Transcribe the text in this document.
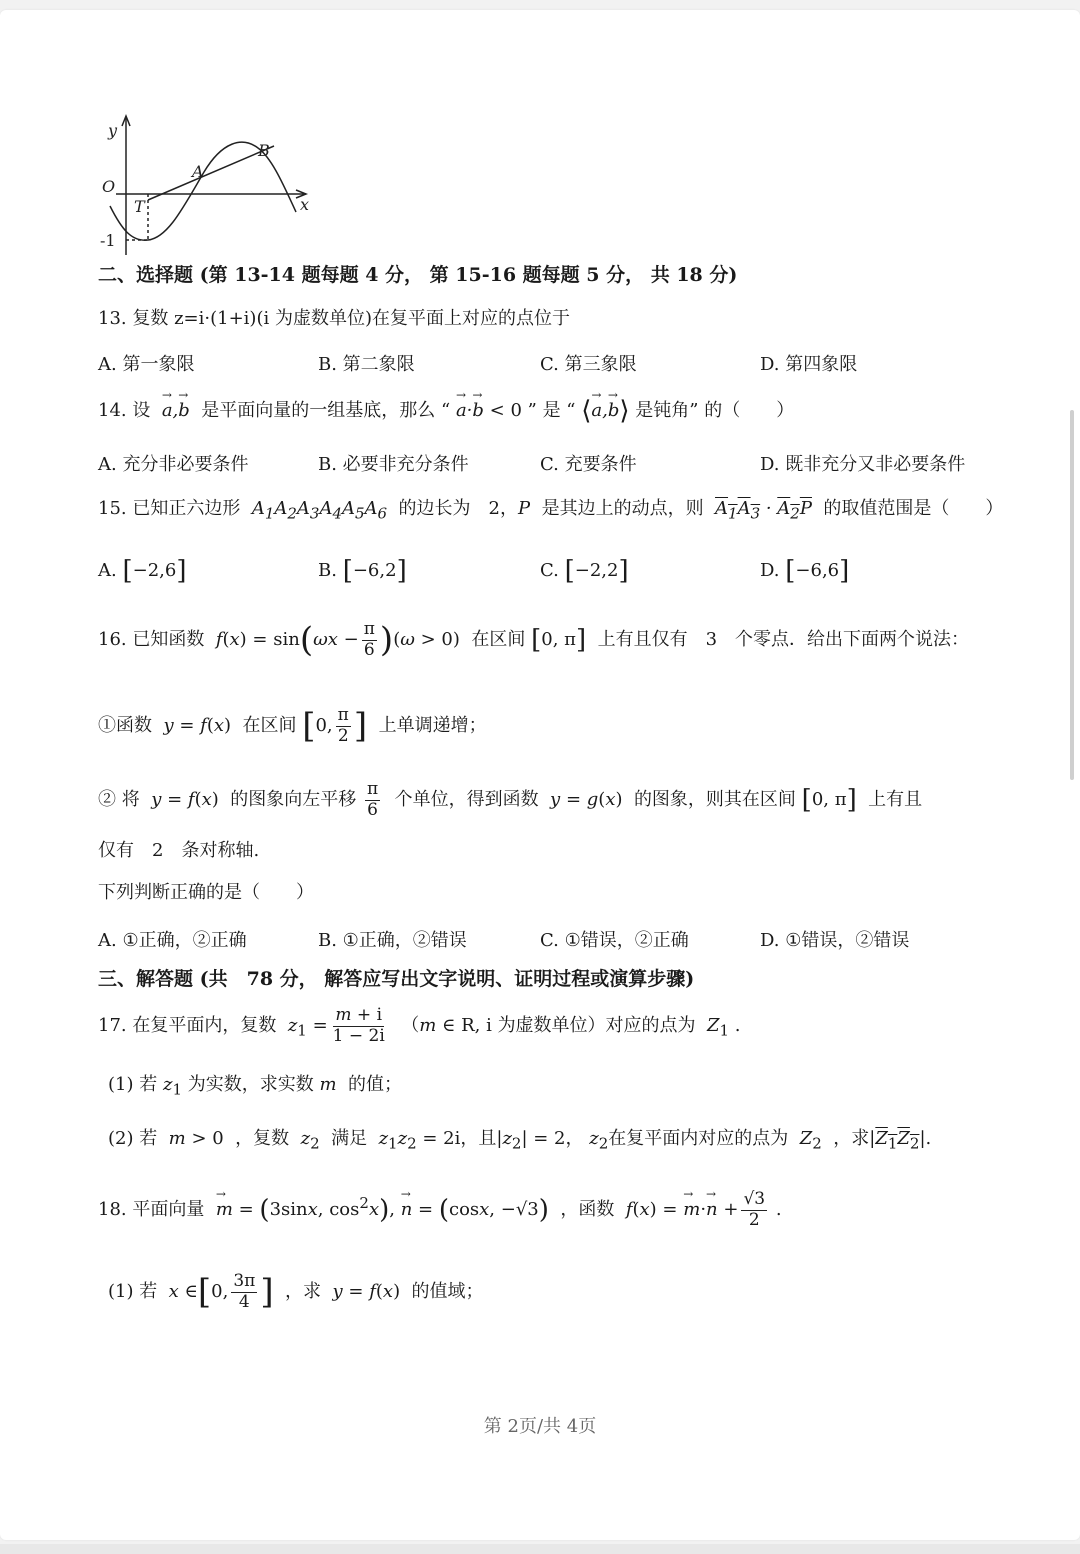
y
x
O
T
A
B
-1
二、选择题 (第 13-14 题每题 4 分， 第 15-16 题每题 5 分， 共 18 分)
13. 复数 z=i·(1+i)(i 为虚数单位)在复平面上对应的点位于
A. 第一象限	B. 第二象限	C. 第三象限	D. 第四象限
14. 设 → a,→ b 是平面向量的一组基底，那么 “ → a·→ b < 0 ” 是 “ ⟨→ a,→ b⟩ 是钝角” 的（　　）
A. 充分非必要条件	B. 必要非充分条件	C. 充要条件	D. 既非充分又非必要条件
15. 已知正六边形 $A_1A_2A_3A_4A_5A_6$ 的边长为　2，P 是其边上的动点，则 $A_1A_3 \cdot A_2P$ 的取值范围是（　　）
A. [−2,6]	B. [−6,2]	C. [−2,2]	D. [−6,6]
16. 已知函数 $f(x) = \sin(\omega x - \frac{\pi}{6} )(\omega > 0)$  在区间 [0, π] 上有且仅有　3　个零点．给出下面两个说法：
①函数 y = f(x)  在区间 [0, $\frac{\pi}{2}$ ] 上单调递增；
② 将 y = f(x)  的图象向左平移 $\frac{\pi}{6}$ 个单位，得到函数 y = g(x)  的图象，则其在区间 [0, π] 上有且
仅有　2　条对称轴.
下列判断正确的是（　　）
A. ①正确，②正确	B. ①正确，②错误	C. ①错误，②正确	D. ①错误，②错误
三、解答题 (共　78 分， 解答应写出文字说明、证明过程或演算步骤)
17. 在复平面内，复数 $z_1 = \frac{m + i}{1 - 2i} (m$ ∈ R, i 为虚数单位）对应的点为 $Z_1$ .
(1) 若 $z_1$ 为实数，求实数 m 的值；
(2) 若 m > 0  ，复数 $z_2$ 满足 $z_1z_2 = 2i$，且$|z_2| = 2$， $z_2$在复平面内对应的点为 $Z_2$ ，求$|Z_1Z_2|$.
18. 平面向量 → m = (3sinx, $\cos^2x$), → n = (cosx, −√3) ，函数 f(x) = → $m\cdot\to n + \frac{√3}{2}$ .
(1) 若 x ∈[0, $\frac{3\pi}{4}$ ] ，求 y = f(x)  的值域；
第 2页/共 4页
